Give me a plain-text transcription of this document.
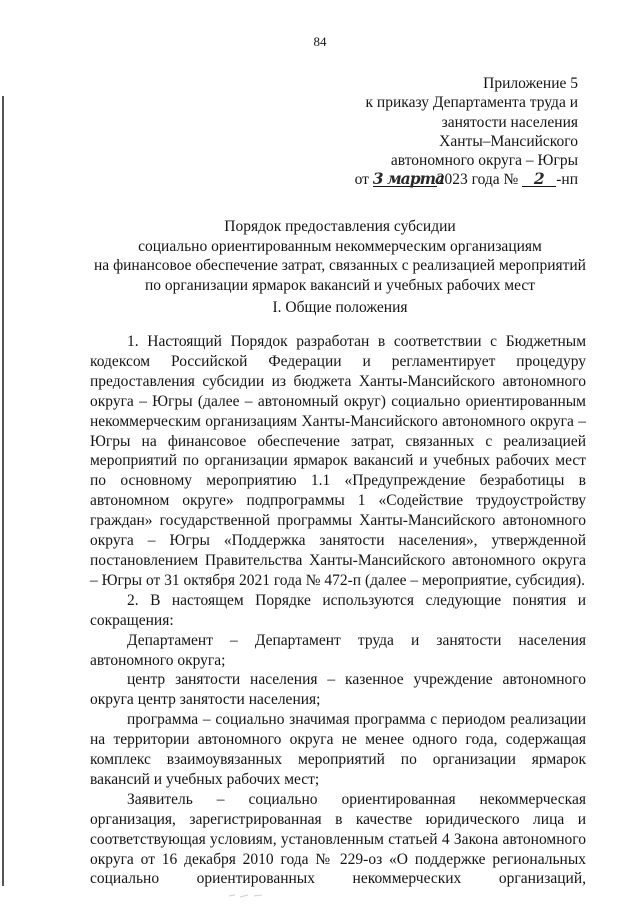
84
Приложение 5
к приказу Департамента труда и
занятости населения
Ханты–Мансийского
автономного округа – Югры
от 3 марта2023 года № 2 -нп
Порядок предоставления субсидии
социально ориентированным некоммерческим организациям
на финансовое обеспечение затрат, связанных с реализацией мероприятий
по организации ярмарок вакансий и учебных рабочих мест
I. Общие положения

1. Настоящий Порядок разработан в соответствии с Бюджетным кодексом Российской Федерации и регламентирует процедуру предоставления субсидии из бюджета Ханты-Мансийского автономного округа – Югры (далее – автономный округ) социально ориентированным некоммерческим организациям Ханты-Мансийского автономного округа – Югры на финансовое обеспечение затрат, связанных с реализацией мероприятий по организации ярмарок вакансий и учебных рабочих мест по основному мероприятию 1.1 «Предупреждение безработицы в автономном округе» подпрограммы 1 «Содействие трудоустройству граждан» государственной программы Ханты-Мансийского автономного округа – Югры «Поддержка занятости населения», утвержденной постановлением Правительства Ханты-Мансийского автономного округа – Югры от 31 октября 2021 года № 472-п (далее – мероприятие, субсидия).

2. В настоящем Порядке используются следующие понятия и сокращения:

Департамент – Департамент труда и занятости населения автономного округа;

центр занятости населения – казенное учреждение автономного округа центр занятости населения;

программа – социально значимая программа с периодом реализации на территории автономного округа не менее одного года, содержащая комплекс взаимоувязанных мероприятий по организации ярмарок вакансий и учебных рабочих мест;

Заявитель – социально ориентированная некоммерческая организация, зарегистрированная в качестве юридического лица и соответствующая условиям, установленным статьей 4 Закона автономного округа от 16 декабря 2010 года № 229-оз «О поддержке региональных социально ориентированных некоммерческих организаций,
